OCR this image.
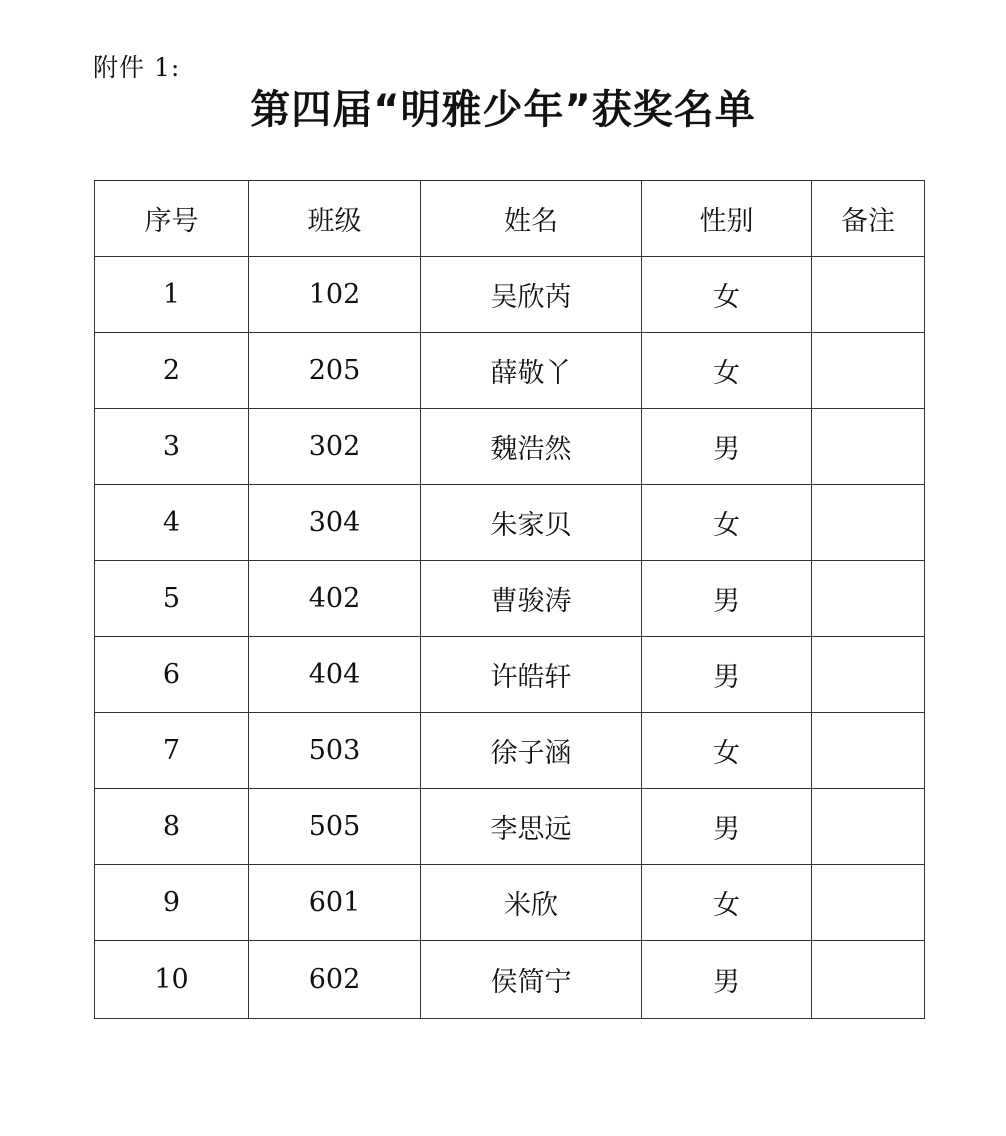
附件 1:
第四届“明雅少年”获奖名单
序号	班级	姓名	性别	备注
1	102	吴欣芮	女	
2	205	薛敬丫	女	
3	302	魏浩然	男	
4	304	朱家贝	女	
5	402	曹骏涛	男	
6	404	许皓轩	男	
7	503	徐子涵	女	
8	505	李思远	男	
9	601	米欣	女	
10	602	侯简宁	男	
